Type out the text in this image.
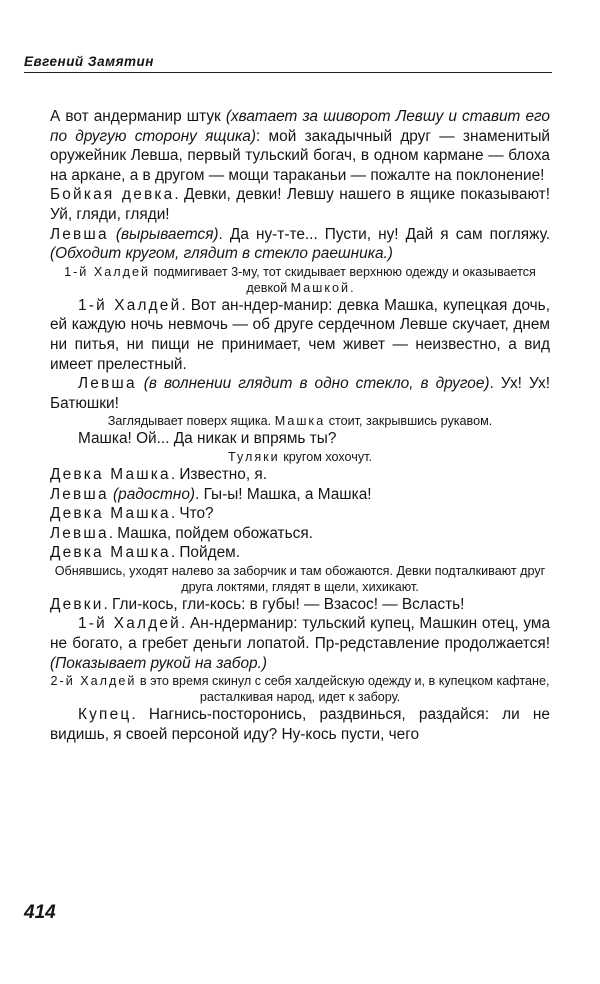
Евгений Замятин

А вот андерманир штук (хватает за шиворот Левшу и ставит его по другую сторону ящика): мой закадычный друг — знаменитый оружейник Левша, первый тульский богач, в одном кармане — блоха на аркане, а в другом — мощи тараканьи — пожалте на поклонение!

Бойкая девка. Девки, девки! Левшу нашего в ящике показывают! Уй, гляди, гляди!

Левша (вырывается). Да ну-т-те... Пусти, ну! Дай я сам погляжу. (Обходит кругом, глядит в стекло раешника.)

1-й Халдей подмигивает 3-му, тот скидывает верхнюю одежду и оказывается девкой Машкой.

1-й Халдей. Вот ан-ндер-манир: девка Машка, купецкая дочь, ей каждую ночь невмочь — об друге сердечном Левше скучает, днем ни питья, ни пищи не принимает, чем живет — неизвестно, а вид имеет прелестный.

Левша (в волнении глядит в одно стекло, в другое). Ух! Ух! Батюшки!

Заглядывает поверх ящика. Машка стоит, закрывшись рукавом.

Машка! Ой... Да никак и впрямь ты?

Туляки кругом хохочут.

Девка Машка. Известно, я.

Левша (радостно). Гы-ы! Машка, а Машка!

Девка Машка. Что?

Левша. Машка, пойдем обожаться.

Девка Машка. Пойдем.

Обнявшись, уходят налево за заборчик и там обожаются. Девки подталкивают друг друга локтями, глядят в щели, хихикают.

Девки. Гли-кось, гли-кось: в губы! — Взасос! — Всласть!

1-й Халдей. Ан-ндерманир: тульский купец, Машкин отец, ума не богато, а гребет деньги лопатой. Пр-редставление продолжается! (Показывает рукой на забор.)

2-й Халдей в это время скинул с себя халдейскую одежду и, в купецком кафтане, расталкивая народ, идет к забору.

Купец. Нагнись-посторонись, раздвинься, раздайся: ли не видишь, я своей персоной иду? Ну-кось пусти, чего

414
